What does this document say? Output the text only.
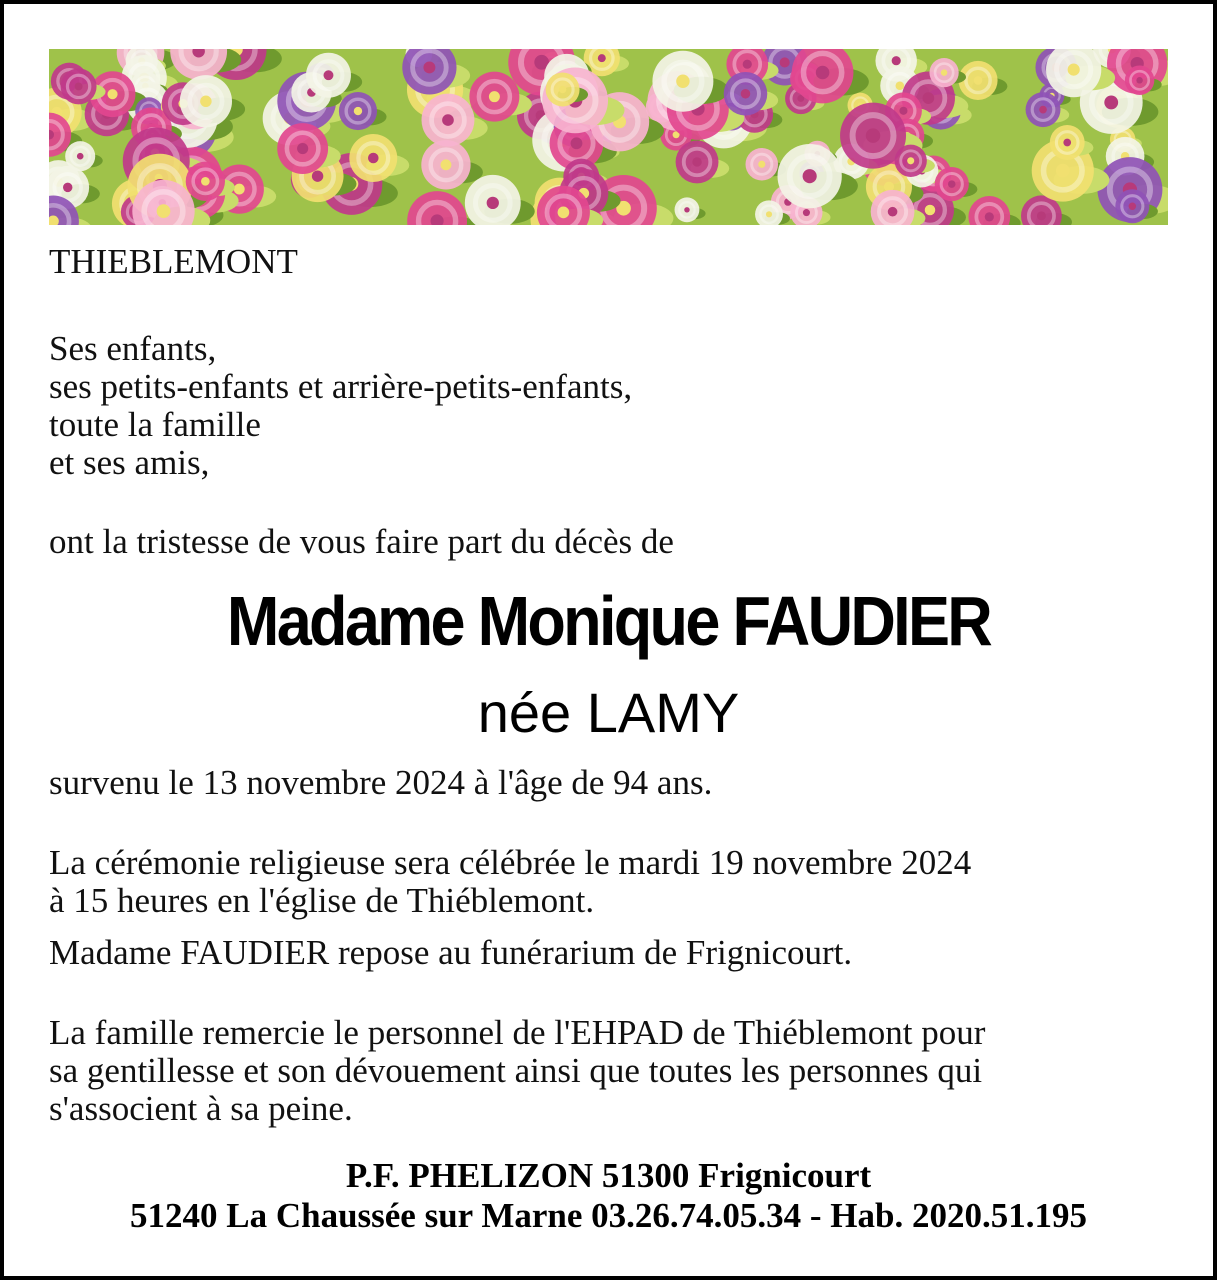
THIEBLEMONT

Ses enfants,

ses petits-enfants et arrière-petits-enfants,

toute la famille

et ses amis,

ont la tristesse de vous faire part du décès de

Madame Monique FAUDIER

née LAMY

survenu le 13 novembre 2024 à l'âge de 94 ans.

La cérémonie religieuse sera célébrée le mardi 19 novembre 2024

à 15 heures en l'église de Thiéblemont.

Madame FAUDIER repose au funérarium de Frignicourt.

La famille remercie le personnel de l'EHPAD de Thiéblemont pour

sa gentillesse et son dévouement ainsi que toutes les personnes qui

s'associent à sa peine.

P.F. PHELIZON 51300 Frignicourt

51240 La Chaussée sur Marne 03.26.74.05.34 - Hab. 2020.51.195
